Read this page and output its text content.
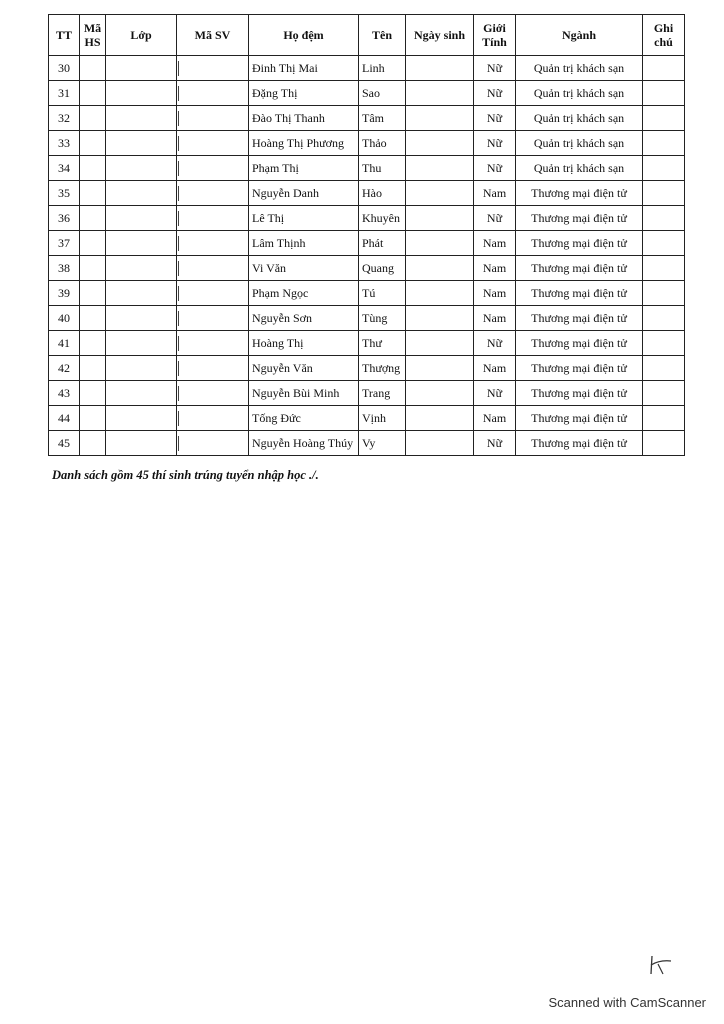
TT	Mã HS	Lớp	Mã SV	Họ đệm	Tên	Ngày sinh	Giới Tính	Ngành	Ghi chú
30				Đinh Thị Mai	Linh		Nữ	Quản trị khách sạn	
31				Đặng Thị	Sao		Nữ	Quản trị khách sạn	
32				Đào Thị Thanh	Tâm		Nữ	Quản trị khách sạn	
33				Hoàng Thị Phương	Thảo		Nữ	Quản trị khách sạn	
34				Phạm Thị	Thu		Nữ	Quản trị khách sạn	
35				Nguyễn Danh	Hào		Nam	Thương mại điện tử	
36				Lê Thị	Khuyên		Nữ	Thương mại điện tử	
37				Lâm Thịnh	Phát		Nam	Thương mại điện tử	
38				Vi Văn	Quang		Nam	Thương mại điện tử	
39				Phạm Ngọc	Tú		Nam	Thương mại điện tử	
40				Nguyễn Sơn	Tùng		Nam	Thương mại điện tử	
41				Hoàng Thị	Thư		Nữ	Thương mại điện tử	
42				Nguyễn Văn	Thượng		Nam	Thương mại điện tử	
43				Nguyễn Bùi Minh	Trang		Nữ	Thương mại điện tử	
44				Tống Đức	Vịnh		Nam	Thương mại điện tử	
45				Nguyễn Hoàng Thúy	Vy		Nữ	Thương mại điện tử	
Danh sách gồm 45 thí sinh trúng tuyển nhập học ./.
Scanned with CamScanner
